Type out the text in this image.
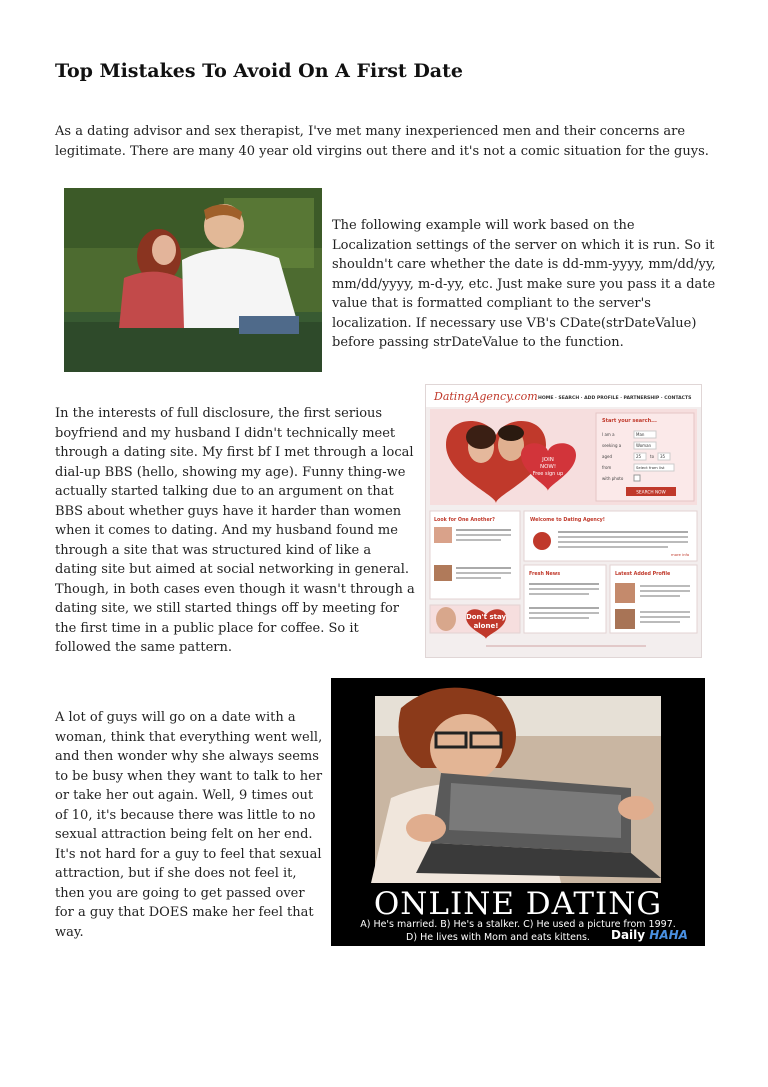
Top Mistakes To Avoid On A First Date

As a dating advisor and sex therapist, I've met many inexperienced men and their concerns are legitimate. There are many 40 year old virgins out there and it's not a comic situation for the guys.

The following example will work based on the Localization settings of the server on which it is run. So it shouldn't care whether the date is dd-mm-yyyy, mm/dd/yy, mm/dd/yyyy, m-d-yy, etc. Just make sure you pass it a date value that is formatted compliant to the server's localization. If necessary use VB's CDate(strDateValue) before passing strDateValue to the function.

In the interests of full disclosure, the first serious boyfriend and my husband I didn't technically meet through a dating site. My first bf I met through a local dial-up BBS (hello, showing my age). Funny thing-we actually started talking due to an argument on that BBS about whether guys have it harder than women when it comes to dating. And my husband found me through a site that was structured kind of like a dating site but aimed at social networking in general. Though, in both cases even though it wasn't through a dating site, we still started things off by meeting for the first time in a public place for coffee. So it followed the same pattern.

DatingAgency.com HOME · SEARCH · ADD PROFILE · PARTNERSHIP · CONTACTS
JOIN
NOW!
Free sign up
Start your search...
I am a	Man
seeking a	Woman
aged	25 to 35
from	Select from list
with photo
SEARCH NOW
Look for One Another?	Welcome to Dating Agency!
more info
Fresh News	Latest Added Profile
Don't stay
alone!

A lot of guys will go on a date with a woman, think that everything went well, and then wonder why she always seems to be busy when they want to talk to her or take her out again. Well, 9 times out of 10, it's because there was little to no sexual attraction being felt on her end. It's not hard for a guy to feel that sexual attraction, but if she does not feel it, then you are going to get passed over for a guy that DOES make her feel that way.

ONLINE DATING
A) He's married. B) He's a stalker. C) He used a picture from 1997.
D) He lives with Mom and eats kittens.	Daily HAHA
